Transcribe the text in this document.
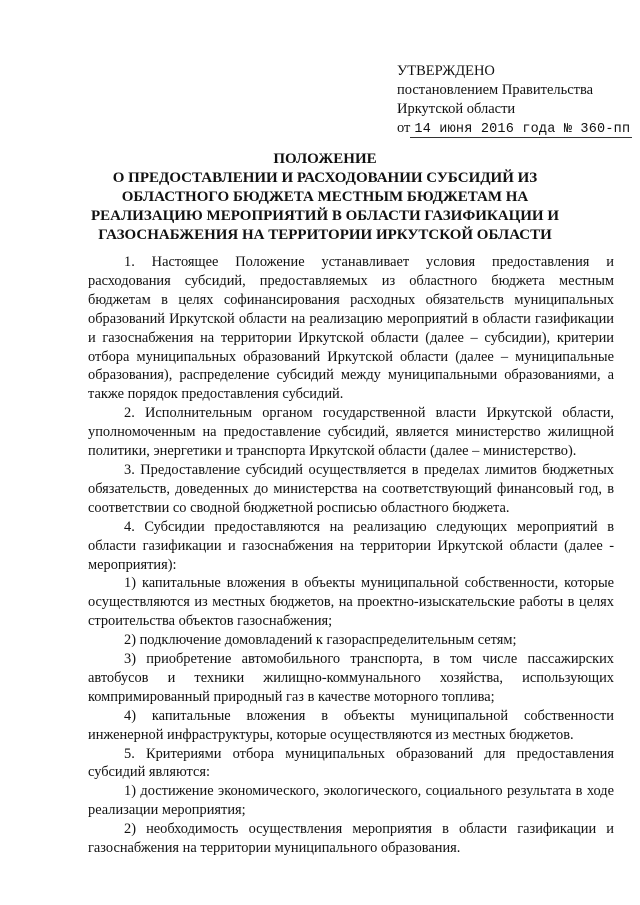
УТВЕРЖДЕНО
постановлением Правительства
Иркутской области
от 14 июня 2016 года № 360-пп
ПОЛОЖЕНИЕ
О ПРЕДОСТАВЛЕНИИ И РАСХОДОВАНИИ СУБСИДИЙ ИЗ
ОБЛАСТНОГО БЮДЖЕТА МЕСТНЫМ БЮДЖЕТАМ НА
РЕАЛИЗАЦИЮ МЕРОПРИЯТИЙ В ОБЛАСТИ ГАЗИФИКАЦИИ И
ГАЗОСНАБЖЕНИЯ НА ТЕРРИТОРИИ ИРКУТСКОЙ ОБЛАСТИ

1. Настоящее Положение устанавливает условия предоставления и расходования субсидий, предоставляемых из областного бюджета местным бюджетам в целях софинансирования расходных обязательств муниципальных образований Иркутской области на реализацию мероприятий в области газификации и газоснабжения на территории Иркутской области (далее – субсидии), критерии отбора муниципальных образований Иркутской области (далее – муниципальные образования), распределение субсидий между муниципальными образованиями, а также порядок предоставления субсидий.

2. Исполнительным органом государственной власти Иркутской области, уполномоченным на предоставление субсидий, является министерство жилищной политики, энергетики и транспорта Иркутской области (далее – министерство).

3. Предоставление субсидий осуществляется в пределах лимитов бюджетных обязательств, доведенных до министерства на соответствующий финансовый год, в соответствии со сводной бюджетной росписью областного бюджета.

4. Субсидии предоставляются на реализацию следующих мероприятий в области газификации и газоснабжения на территории Иркутской области (далее - мероприятия):

1) капитальные вложения в объекты муниципальной собственности, которые осуществляются из местных бюджетов, на проектно-изыскательские работы в целях строительства объектов газоснабжения;

2) подключение домовладений к газораспределительным сетям;

3) приобретение автомобильного транспорта, в том числе пассажирских автобусов и техники жилищно-коммунального хозяйства, использующих компримированный природный газ в качестве моторного топлива;

4) капитальные вложения в объекты муниципальной собственности инженерной инфраструктуры, которые осуществляются из местных бюджетов.

5. Критериями отбора муниципальных образований для предоставления субсидий являются:

1) достижение экономического, экологического, социального результата в ходе реализации мероприятия;

2) необходимость осуществления мероприятия в области газификации и газоснабжения на территории муниципального образования.
